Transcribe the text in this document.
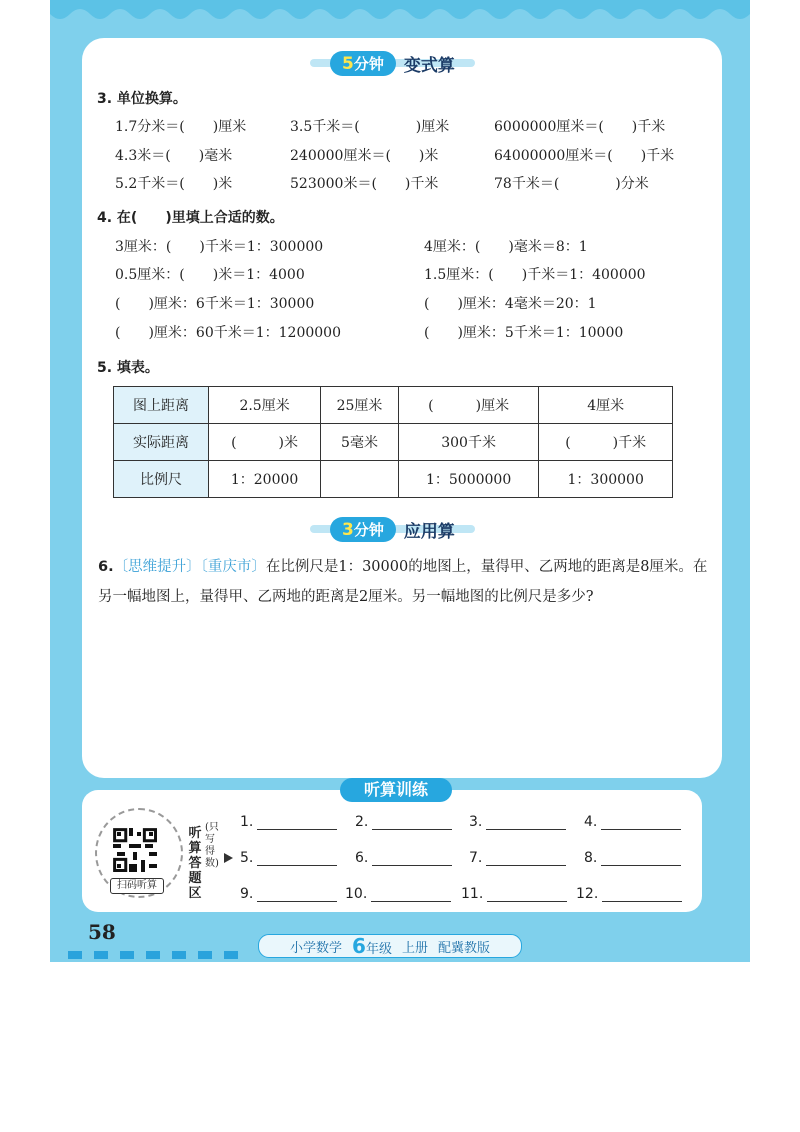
5分钟	变式算
3. 单位换算。
1.7分米＝(　　)厘米	3.5千米＝(　　　　)厘米	6000000厘米＝(　　)千米
4.3米＝(　　)毫米	240000厘米＝(　　)米	64000000厘米＝(　　)千米
5.2千米＝(　　)米	523000米＝(　　)千米	78千米＝(　　　　)分米
4. 在(　　)里填上合适的数。
3厘米：(　　)千米＝1：300000	4厘米：(　　)毫米＝8：1
0.5厘米：(　　)米＝1：4000	1.5厘米：(　　)千米＝1：400000
(　　)厘米：6千米＝1：30000	(　　)厘米：4毫米＝20：1
(　　)厘米：60千米＝1：1200000	(　　)厘米：5千米＝1：10000
5. 填表。
图上距离	2.5厘米	25厘米	(　　　)厘米	4厘米
实际距离	(　　　)米	5毫米	300千米	(　　　)千米
比例尺	1：20000		1：5000000	1：300000
3分钟	应用算
6.〔思维提升〕〔重庆市〕在比例尺是1：30000的地图上，量得甲、乙两地的距离是8厘米。在另一幅地图上，量得甲、乙两地的距离是2厘米。另一幅地图的比例尺是多少?
听算训练
扫码听算
听算答题区
(只写得数)
1.	2.	3.	4.
5.	6.	7.	8.
9.	10.	11.	12.
58
小学数学 6年级 上册 配冀教版
